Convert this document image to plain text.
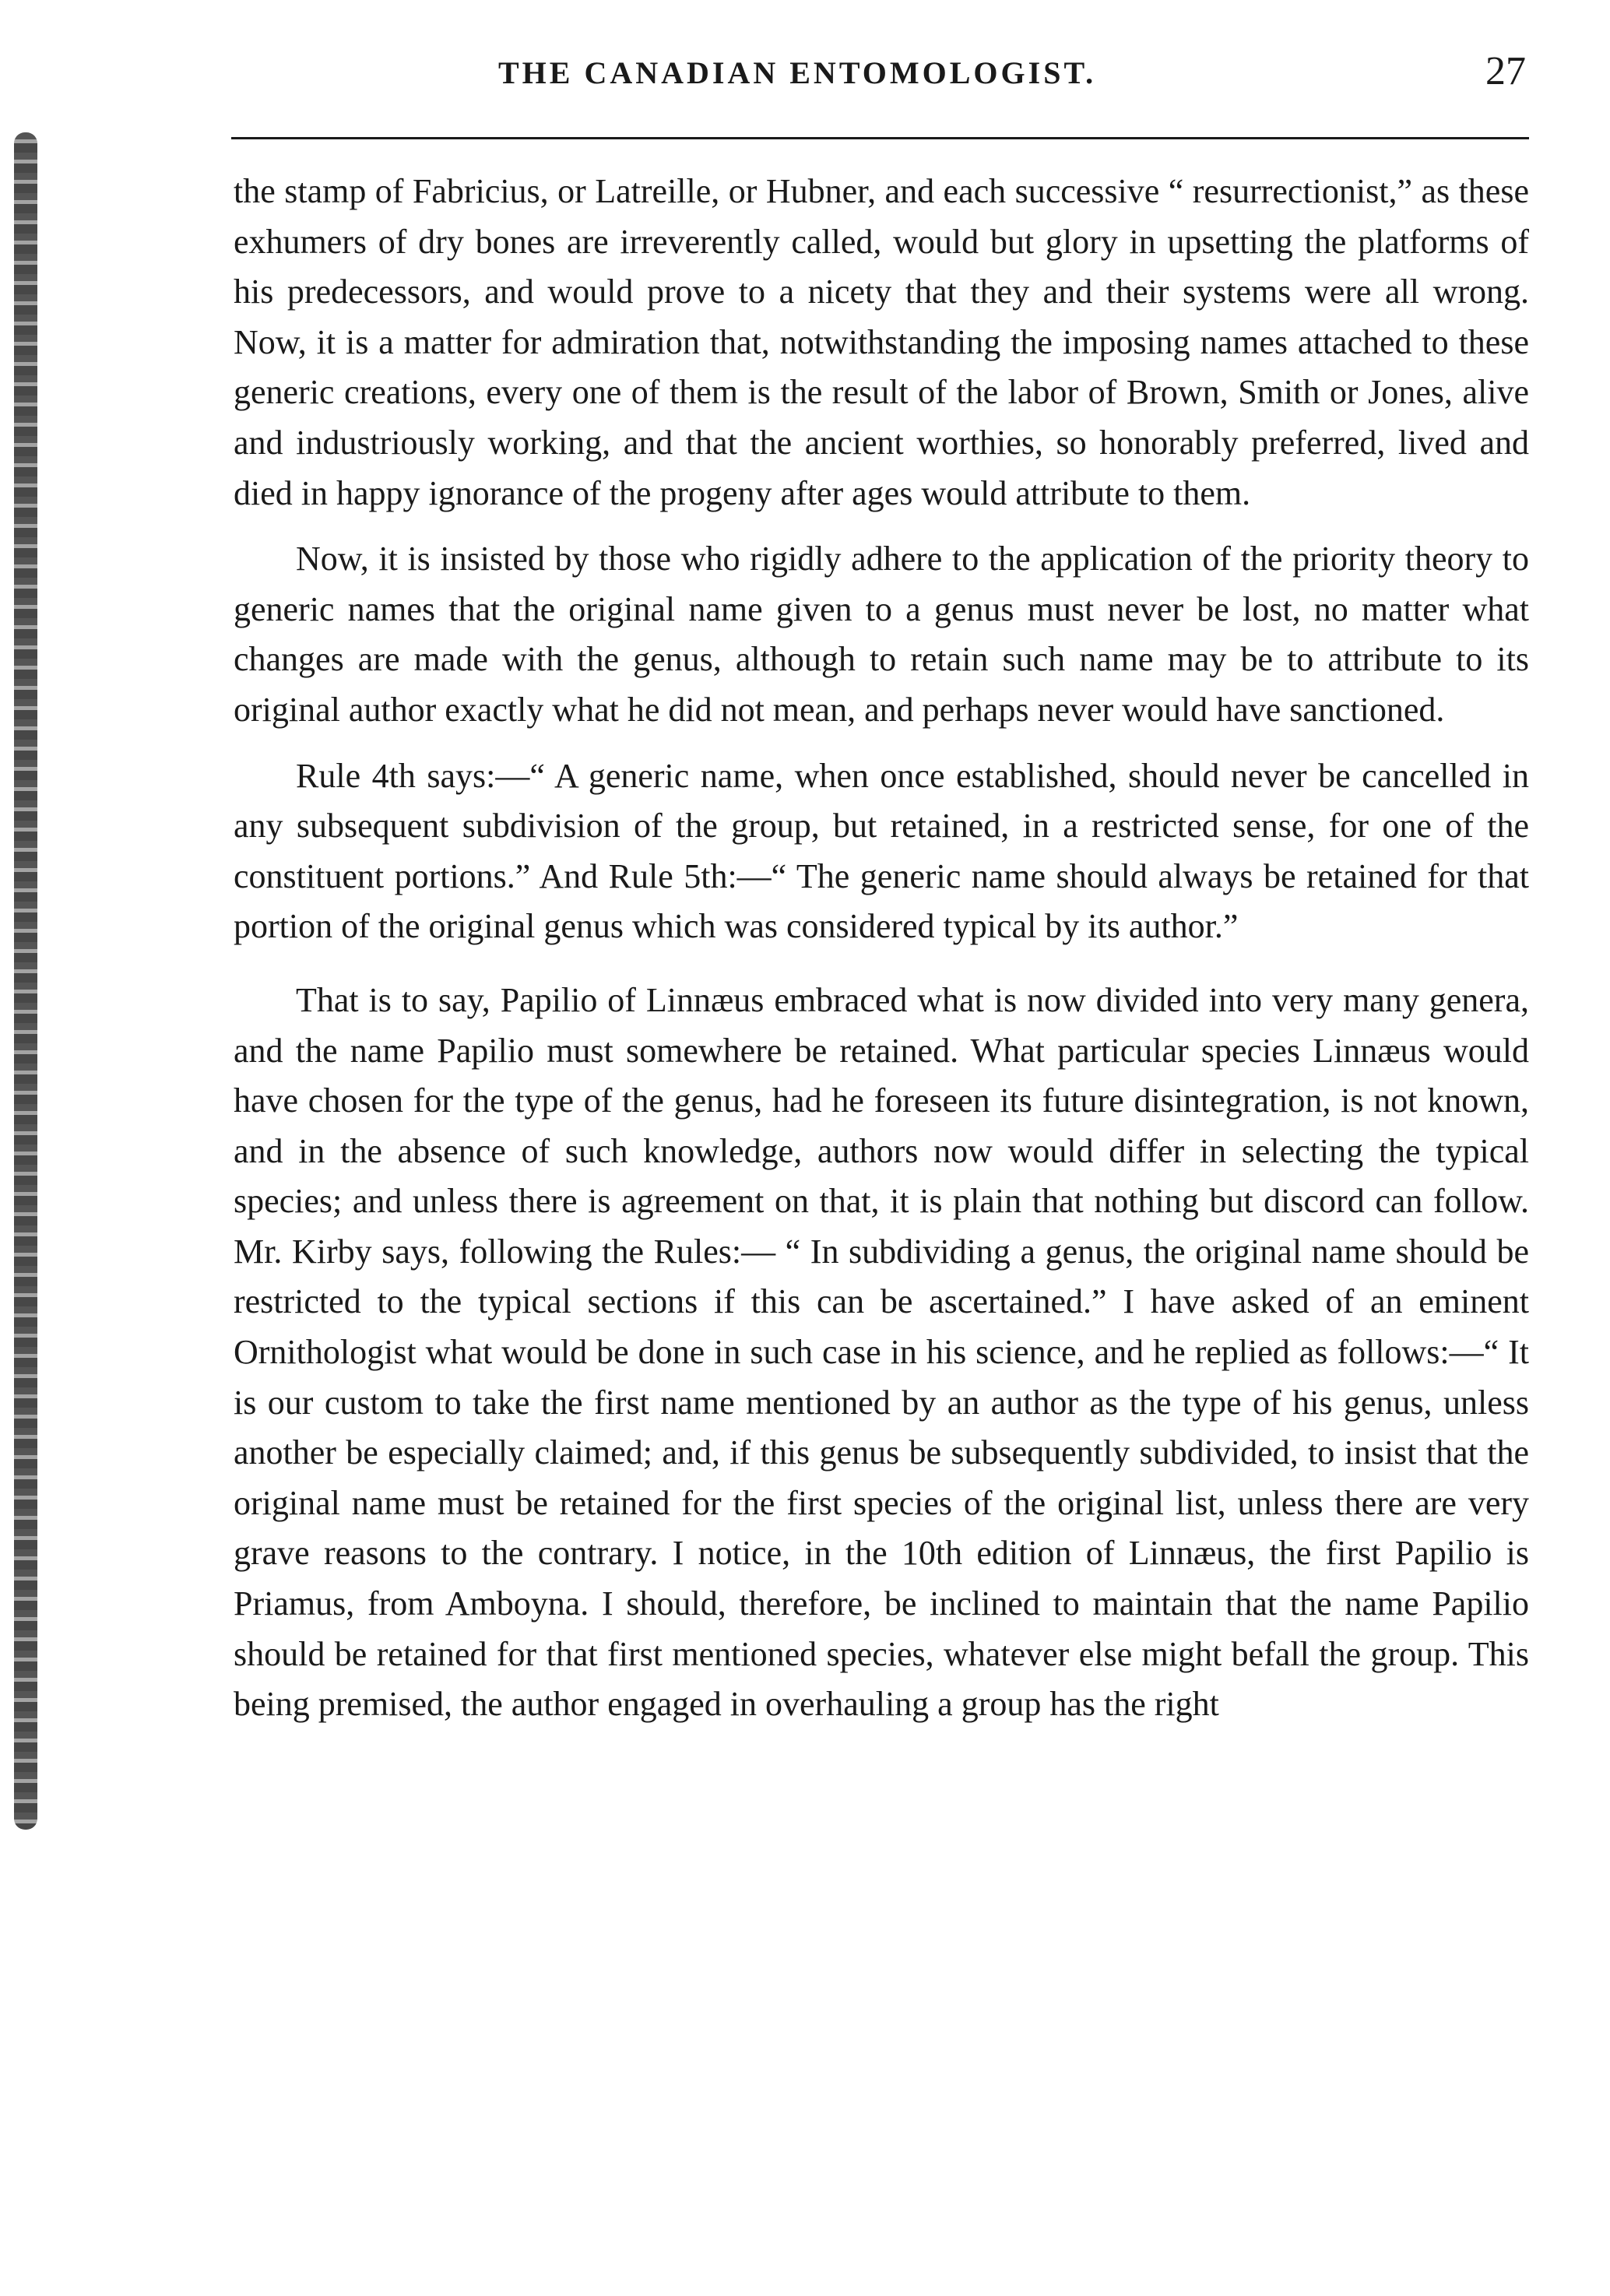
THE CANADIAN ENTOMOLOGIST.	27

the stamp of Fabricius, or Latreille, or Hubner, and each successive “ resurrectionist,” as these exhumers of dry bones are irreverently called, would but glory in upsetting the platforms of his predecessors, and would prove to a nicety that they and their systems were all wrong. Now, it is a matter for admiration that, notwithstanding the imposing names attached to these generic creations, every one of them is the result of the labor of Brown, Smith or Jones, alive and industriously working, and that the ancient worthies, so honorably preferred, lived and died in happy ignorance of the progeny after ages would attribute to them.

Now, it is insisted by those who rigidly adhere to the application of the priority theory to generic names that the original name given to a genus must never be lost, no matter what changes are made with the genus, although to retain such name may be to attribute to its original author exactly what he did not mean, and perhaps never would have sanctioned.

Rule 4th says:—“ A generic name, when once established, should never be cancelled in any subsequent subdivision of the group, but retained, in a restricted sense, for one of the constituent portions.” And Rule 5th:—“ The generic name should always be retained for that portion of the original genus which was considered typical by its author.”

That is to say, Papilio of Linnæus embraced what is now divided into very many genera, and the name Papilio must somewhere be retained. What particular species Linnæus would have chosen for the type of the genus, had he foreseen its future disintegration, is not known, and in the absence of such knowledge, authors now would differ in selecting the typical species; and unless there is agreement on that, it is plain that nothing but discord can follow. Mr. Kirby says, following the Rules:— “ In subdividing a genus, the original name should be restricted to the typical sections if this can be ascertained.” I have asked of an eminent Ornithologist what would be done in such case in his science, and he replied as follows:—“ It is our custom to take the first name mentioned by an author as the type of his genus, unless another be especially claimed; and, if this genus be subsequently subdivided, to insist that the original name must be retained for the first species of the original list, unless there are very grave reasons to the contrary. I notice, in the 10th edition of Linnæus, the first Papilio is Priamus, from Amboyna. I should, therefore, be inclined to maintain that the name Papilio should be retained for that first mentioned species, whatever else might befall the group. This being premised, the author engaged in overhauling a group has the right
